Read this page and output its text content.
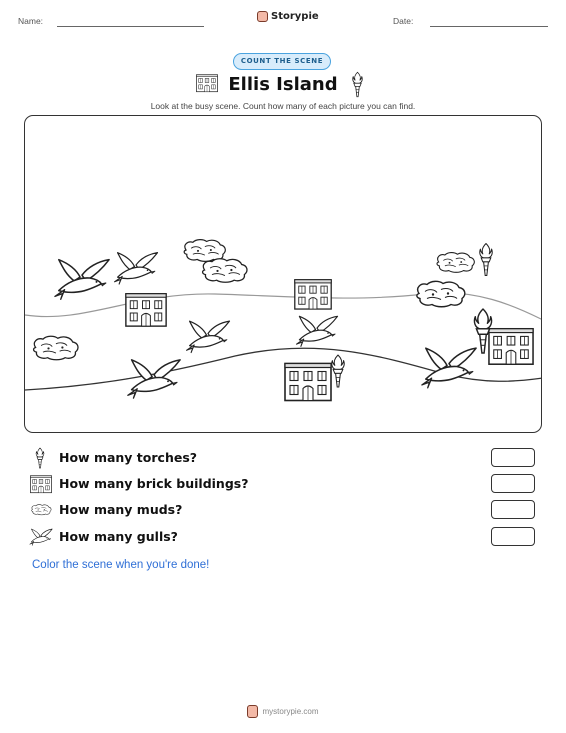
Name:	Storypie	Date:
COUNT THE SCENE
Ellis Island
Look at the busy scene. Count how many of each picture you can find.
How many torches?
How many brick buildings?
How many muds?
How many gulls?
Color the scene when you're done!
mystorypie.com
